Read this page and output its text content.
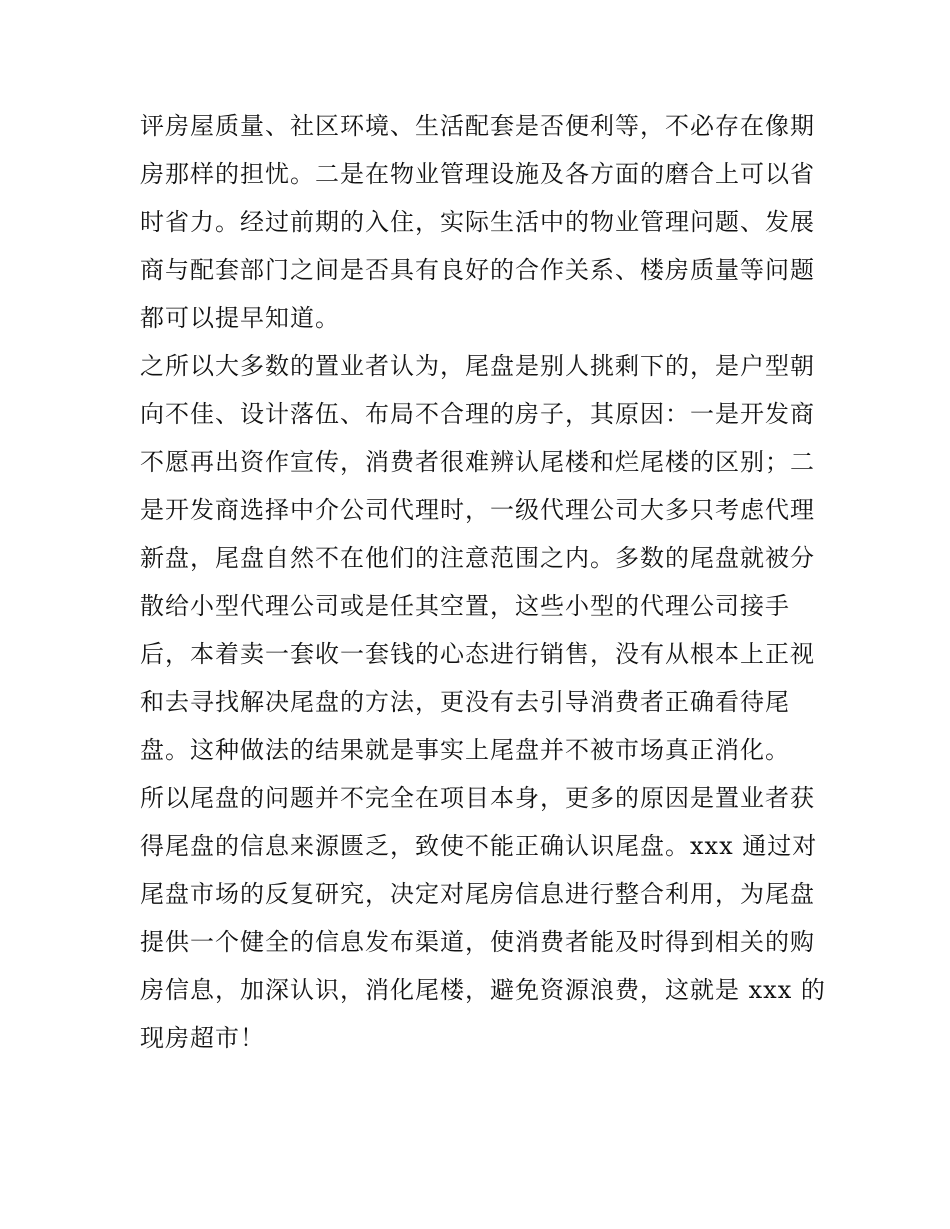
评房屋质量、社区环境、生活配套是否便利等，不必存在像期
房那样的担忧。二是在物业管理设施及各方面的磨合上可以省
时省力。经过前期的入住，实际生活中的物业管理问题、发展
商与配套部门之间是否具有良好的合作关系、楼房质量等问题
都可以提早知道。
之所以大多数的置业者认为，尾盘是别人挑剩下的，是户型朝
向不佳、设计落伍、布局不合理的房子，其原因：一是开发商
不愿再出资作宣传，消费者很难辨认尾楼和烂尾楼的区别；二
是开发商选择中介公司代理时，一级代理公司大多只考虑代理
新盘，尾盘自然不在他们的注意范围之内。多数的尾盘就被分
散给小型代理公司或是任其空置，这些小型的代理公司接手
后，本着卖一套收一套钱的心态进行销售，没有从根本上正视
和去寻找解决尾盘的方法，更没有去引导消费者正确看待尾
盘。这种做法的结果就是事实上尾盘并不被市场真正消化。
所以尾盘的问题并不完全在项目本身，更多的原因是置业者获
得尾盘的信息来源匮乏，致使不能正确认识尾盘。xxx 通过对
尾盘市场的反复研究，决定对尾房信息进行整合利用，为尾盘
提供一个健全的信息发布渠道，使消费者能及时得到相关的购
房信息，加深认识，消化尾楼，避免资源浪费，这就是 xxx 的
现房超市！
